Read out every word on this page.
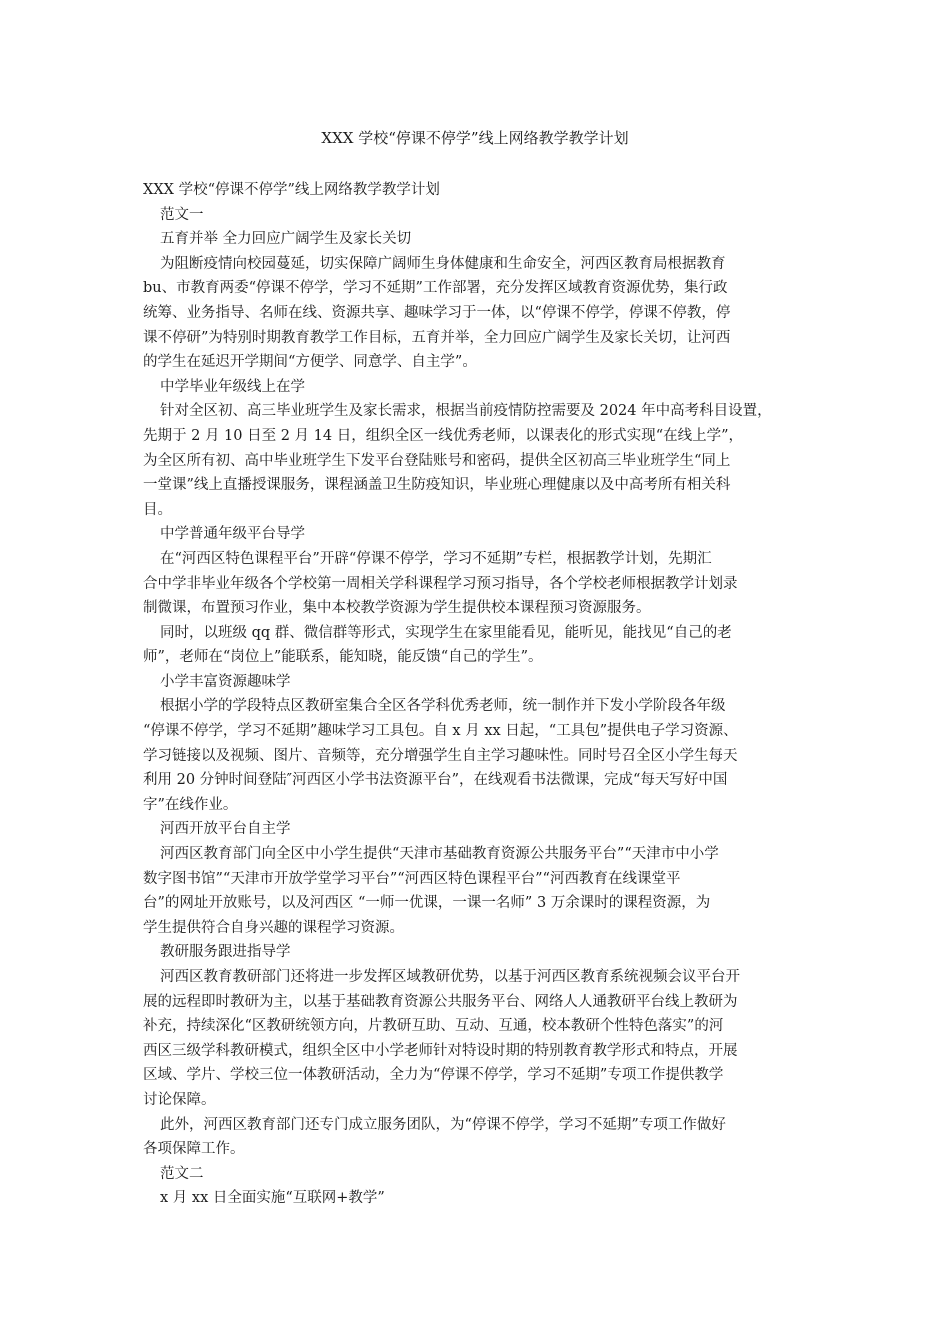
XXX 学校“停课不停学”线上网络教学教学计划
XXX 学校“停课不停学”线上网络教学教学计划
范文一
五育并举 全力回应广阔学生及家长关切
为阻断疫情向校园蔓延，切实保障广阔师生身体健康和生命安全，河西区教育局根据教育
bu、市教育两委“停课不停学，学习不延期”工作部署，充分发挥区域教育资源优势，集行政
统筹、业务指导、名师在线、资源共享、趣味学习于一体，以“停课不停学，停课不停教，停
课不停研”为特别时期教育教学工作目标，五育并举，全力回应广阔学生及家长关切，让河西
的学生在延迟开学期间“方便学、同意学、自主学”。
中学毕业年级线上在学
针对全区初、高三毕业班学生及家长需求，根据当前疫情防控需要及 2024 年中高考科目设置，
先期于 2 月 10 日至 2 月 14 日，组织全区一线优秀老师，以课表化的形式实现“在线上学”，
为全区所有初、高中毕业班学生下发平台登陆账号和密码，提供全区初高三毕业班学生“同上
一堂课”线上直播授课服务，课程涵盖卫生防疫知识，毕业班心理健康以及中高考所有相关科
目。
中学普通年级平台导学
在“河西区特色课程平台”开辟“停课不停学，学习不延期”专栏，根据教学计划，先期汇
合中学非毕业年级各个学校第一周相关学科课程学习预习指导，各个学校老师根据教学计划录
制微课，布置预习作业，集中本校教学资源为学生提供校本课程预习资源服务。
同时，以班级 qq 群、微信群等形式，实现学生在家里能看见，能听见，能找见“自己的老
师”，老师在“岗位上”能联系，能知晓，能反馈“自己的学生”。
小学丰富资源趣味学
根据小学的学段特点区教研室集合全区各学科优秀老师，统一制作并下发小学阶段各年级
“停课不停学，学习不延期”趣味学习工具包。自 x 月 xx 日起，“工具包”提供电子学习资源、
学习链接以及视频、图片、音频等，充分增强学生自主学习趣味性。同时号召全区小学生每天
利用 20 分钟时间登陆″河西区小学书法资源平台”，在线观看书法微课，完成“每天写好中国
字”在线作业。
河西开放平台自主学
河西区教育部门向全区中小学生提供“天津市基础教育资源公共服务平台”“天津市中小学
数字图书馆”“天津市开放学堂学习平台”“河西区特色课程平台”“河西教育在线课堂平
台”的网址开放账号，以及河西区 “一师一优课，一课一名师” 3 万余课时的课程资源，为
学生提供符合自身兴趣的课程学习资源。
教研服务跟进指导学
河西区教育教研部门还将进一步发挥区域教研优势，以基于河西区教育系统视频会议平台开
展的远程即时教研为主，以基于基础教育资源公共服务平台、网络人人通教研平台线上教研为
补充，持续深化“区教研统领方向，片教研互助、互动、互通，校本教研个性特色落实”的河
西区三级学科教研模式，组织全区中小学老师针对特设时期的特别教育教学形式和特点，开展
区域、学片、学校三位一体教研活动，全力为“停课不停学，学习不延期”专项工作提供教学
讨论保障。
此外，河西区教育部门还专门成立服务团队，为“停课不停学，学习不延期”专项工作做好
各项保障工作。
范文二
x 月 xx 日全面实施“互联网+教学”
